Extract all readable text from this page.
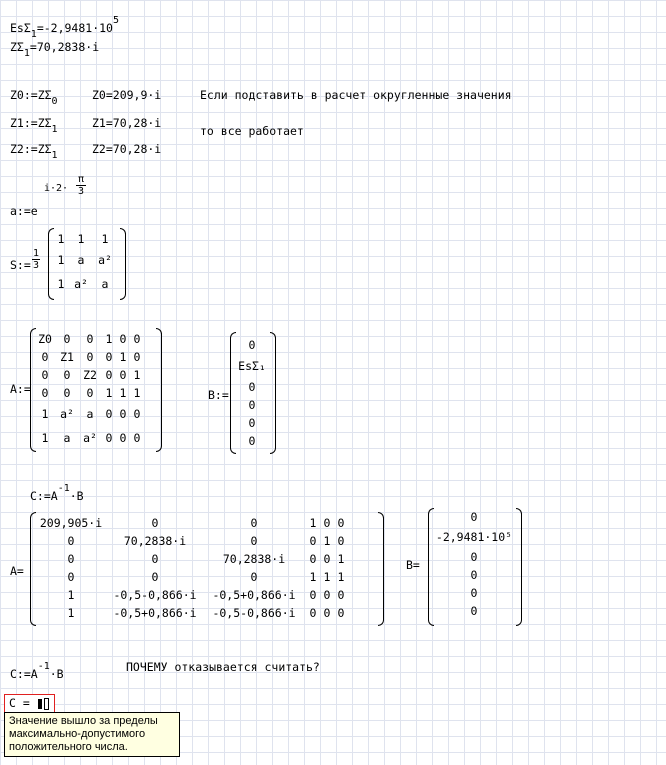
$Es\Sigma_1=-2,9481\cdot 10^5$
$Z\Sigma_1=70,2838\cdot i$
$Z0:=Z\Sigma_0$	Z0=209,9·i
$Z1:=Z\Sigma_1$	Z1=70,28·i
$Z2:=Z\Sigma_1$	Z2=70,28·i
Если подставить в расчет округленные значения
то все работает
a:=e
$i\cdot 2\cdot \frac{\pi}{3}$
S:= $\frac{1}{3}$
1	1	1
1	a	a²
1	a²	a
A:=
Z0	0	0	1	0	0
0	Z1	0	0	1	0
0	0	Z2	0	0	1
0	0	0	1	1	1
1	a²	a	0	0	0
1	a	a²	0	0	0
B:=
0
EsΣ₁
0
0
0
0
$C:=A^{-1}\cdot B$
A=
209,905·i	0	0	1	0	0
0	70,2838·i	0	0	1	0
0	0	70,2838·i	0	0	1
0	0	0	1	1	1
1	-0,5-0,866·i	-0,5+0,866·i	0	0	0
1	-0,5+0,866·i	-0,5-0,866·i	0	0	0
B=
0
-2,9481·10⁵
0
0
0
0
$C:=A^{-1}\cdot B$	ПОЧЕМУ отказывается считать?
C =
Значение вышло за пределы максимально-допустимого положительного числа.
